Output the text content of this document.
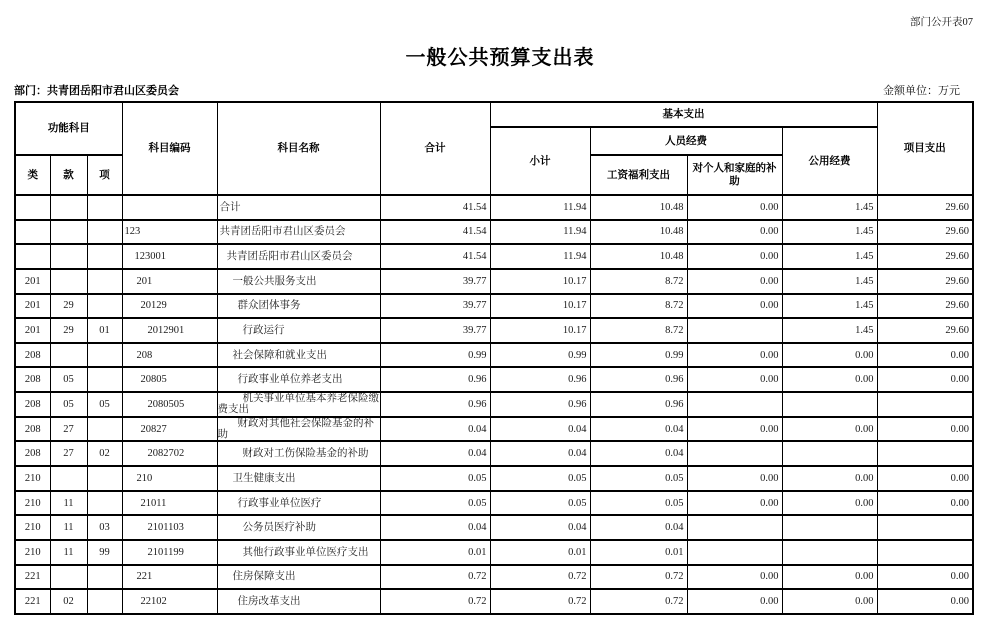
部门公开表07
一般公共预算支出表
部门：共青团岳阳市君山区委员会	金额单位：万元
功能科目			科目编码	科目名称	合计	基本支出				项目支出
						小计	人员经费		公用经费	
类	款	项					工资福利支出	对个人和家庭的补助		
				合计	41.54	11.94	10.48	0.00	1.45	29.60
			123	共青团岳阳市君山区委员会	41.54	11.94	10.48	0.00	1.45	29.60
			123001	共青团岳阳市君山区委员会	41.54	11.94	10.48	0.00	1.45	29.60
201			201	一般公共服务支出	39.77	10.17	8.72	0.00	1.45	29.60
201	29		20129	群众团体事务	39.77	10.17	8.72	0.00	1.45	29.60
201	29	01	2012901	行政运行	39.77	10.17	8.72		1.45	29.60
208			208	社会保障和就业支出	0.99	0.99	0.99	0.00	0.00	0.00
208	05		20805	行政事业单位养老支出	0.96	0.96	0.96	0.00	0.00	0.00
208	05	05	2080505	机关事业单位基本养老保险缴费支出	0.96	0.96	0.96			
208	27		20827	财政对其他社会保险基金的补助	0.04	0.04	0.04	0.00	0.00	0.00
208	27	02	2082702	财政对工伤保险基金的补助	0.04	0.04	0.04			
210			210	卫生健康支出	0.05	0.05	0.05	0.00	0.00	0.00
210	11		21011	行政事业单位医疗	0.05	0.05	0.05	0.00	0.00	0.00
210	11	03	2101103	公务员医疗补助	0.04	0.04	0.04			
210	11	99	2101199	其他行政事业单位医疗支出	0.01	0.01	0.01			
221			221	住房保障支出	0.72	0.72	0.72	0.00	0.00	0.00
221	02		22102	住房改革支出	0.72	0.72	0.72	0.00	0.00	0.00
